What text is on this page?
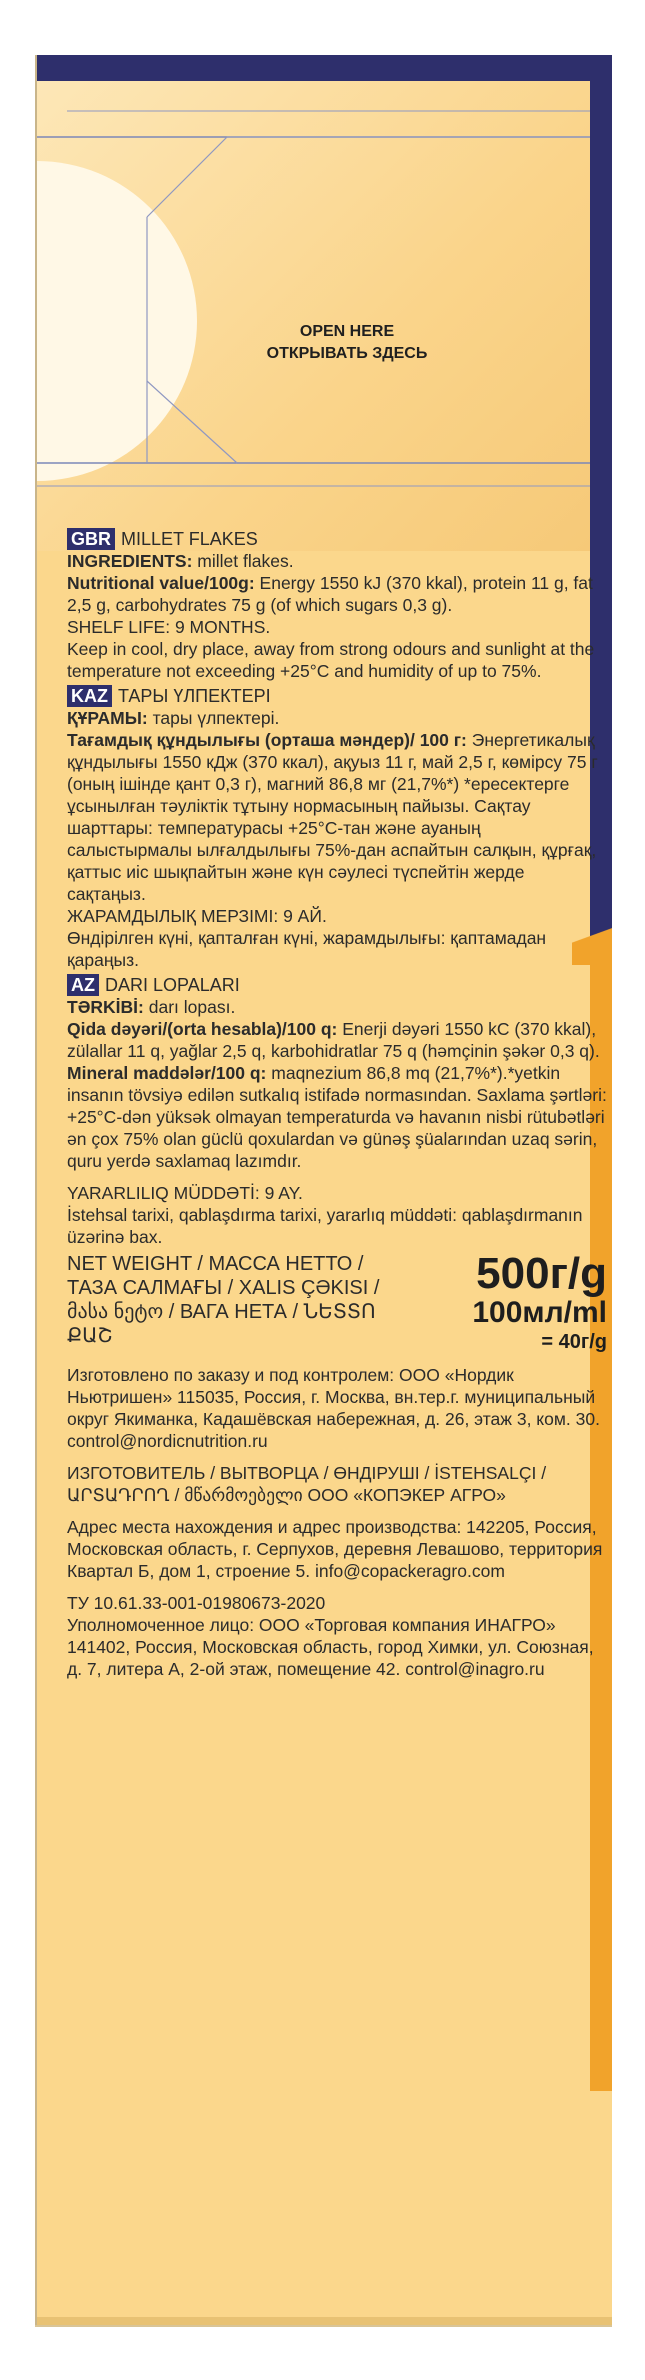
OPEN HERE
ОТКРЫВАТЬ ЗДЕСЬ
GBR MILLET FLAKES

INGREDIENTS: millet flakes.

Nutritional value/100g: Energy 1550 kJ (370 kkal), protein 11 g, fat 2,5 g, carbohydrates 75 g (of which sugars 0,3 g).

SHELF LIFE: 9 MONTHS.

Keep in cool, dry place, away from strong odours and sunlight at the temperature not exceeding +25°C and humidity of up to 75%.

KAZ ТАРЫ ҮЛПЕКТЕРІ

ҚҰРАМЫ: тары үлпектері.

Тағамдық құндылығы (орташа мәндер)/ 100 г: Энергетикалық құндылығы 1550 кДж (370 ккал), ақуыз 11 г, май 2,5 г, көмірсу 75 г (оның ішінде қант 0,3 г), магний 86,8 мг (21,7%*) *ересектерге ұсынылған тәуліктік тұтыну нормасының пайызы. Сақтау шарттары: температурасы +25°С-тан және ауаның салыстырмалы ылғалдылығы 75%-дан аспайтын салқын, құрғақ, қаттыс иіс шықпайтын және күн сәулесі түспейтін жерде сақтаңыз.

ЖАРАМДЫЛЫҚ МЕРЗІМІ: 9 АЙ.

Өндірілген күні, қапталған күні, жарамдылығы: қаптамадан қараңыз.

AZ DARI LOPALARI

TƏRKİBİ: darı lopası.

Qida dəyəri/(orta hesabla)/100 q: Enerji dəyəri 1550 kC (370 kkal), zülallar 11 q, yağlar 2,5 q, karbohidratlar 75 q (həmçinin şəkər 0,3 q). Mineral maddələr/100 q: maqnezium 86,8 mq (21,7%*).*yetkin insanın tövsiyə edilən sutkalıq istifadə normasından. Saxlama şərtləri: +25°C-dən yüksək olmayan temperaturda və havanın nisbi rütubətləri ən çox 75% olan güclü qoxulardan və günəş şüalarından uzaq sərin, quru yerdə saxlamaq lazımdır.

YARARLILIQ MÜDDƏTİ: 9 AY.

İstehsal tarixi, qablaşdırma tarixi, yararlıq müddəti: qablaşdırmanın üzərinə bax.

NET WEIGHT / МАССА НЕТТО / ТАЗА САЛМАҒЫ / XALIS ÇƏKISI / მასა ნეტო / ВАГА НЕТА / ՆԵՏՏՈ ՔԱՇ
500г/g
100мл/ml
= 40г/g

Изготовлено по заказу и под контролем: ООО «Нордик Ньютришен» 115035, Россия, г. Москва, вн.тер.г. муниципальный округ Якиманка, Кадашёвская набережная, д. 26, этаж 3, ком. 30. control@nordicnutrition.ru

ИЗГОТОВИТЕЛЬ / ВЫТВОРЦА / ӨНДІРУШІ / İSTEHSALÇI / ԱՐՏԱԴՐՈՂ / მწარმოებელი ООО «КОПЭКЕР АГРО»

Адрес места нахождения и адрес производства: 142205, Россия, Московская область, г. Серпухов, деревня Левашово, территория Квартал Б, дом 1, строение 5. info@copackeragro.com

ТУ 10.61.33-001-01980673-2020

Уполномоченное лицо: ООО «Торговая компания ИНАГРО» 141402, Россия, Московская область, город Химки, ул. Союзная, д. 7, литера А, 2-ой этаж, помещение 42. control@inagro.ru
